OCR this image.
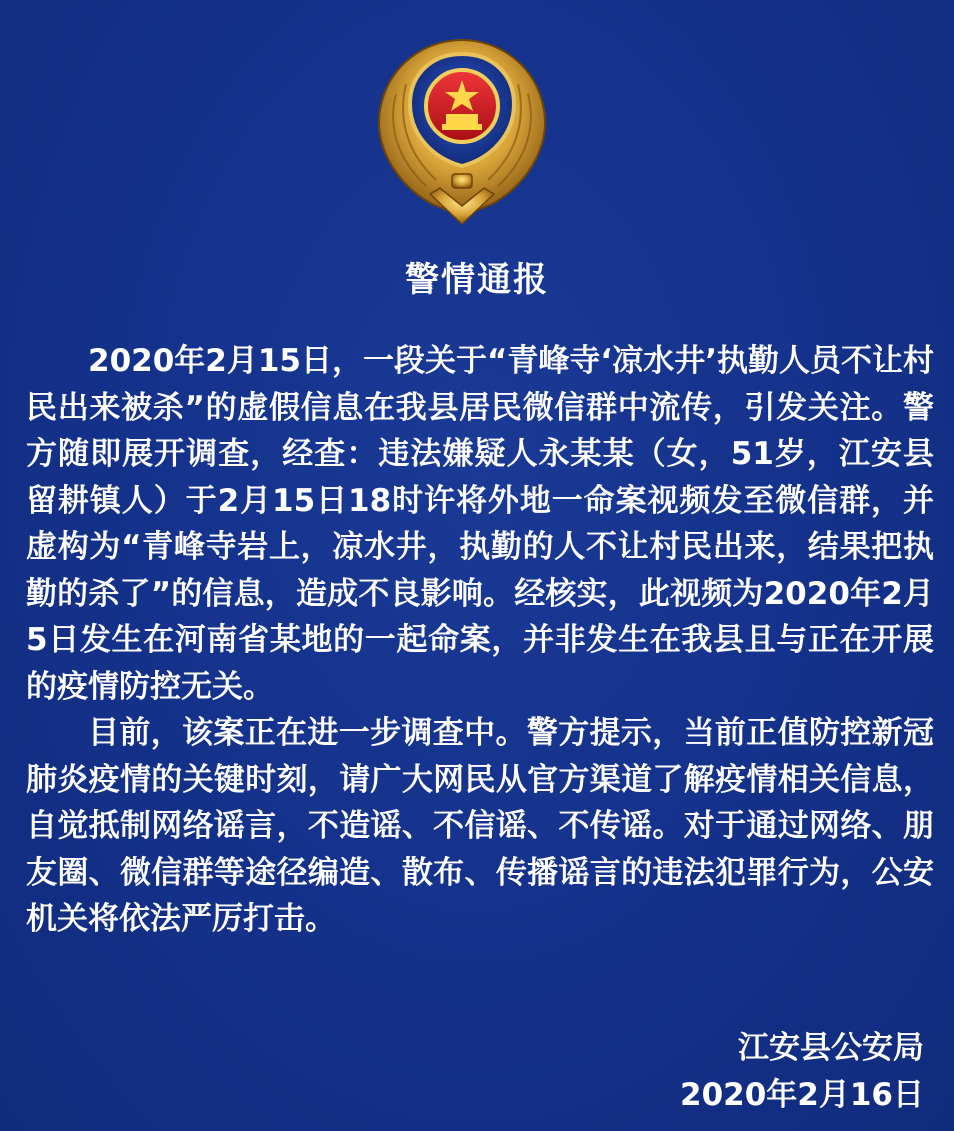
警情通报

2020年2月15日，一段关于“青峰寺‘凉水井’执勤人员不让村民出来被杀”的虚假信息在我县居民微信群中流传，引发关注。警方随即展开调查，经查：违法嫌疑人永某某（女，51岁，江安县留耕镇人）于2月15日18时许将外地一命案视频发至微信群，并虚构为“青峰寺岩上，凉水井，执勤的人不让村民出来，结果把执勤的杀了”的信息，造成不良影响。经核实，此视频为2020年2月5日发生在河南省某地的一起命案，并非发生在我县且与正在开展的疫情防控无关。

目前，该案正在进一步调查中。警方提示，当前正值防控新冠肺炎疫情的关键时刻，请广大网民从官方渠道了解疫情相关信息，自觉抵制网络谣言，不造谣、不信谣、不传谣。对于通过网络、朋友圈、微信群等途径编造、散布、传播谣言的违法犯罪行为，公安机关将依法严厉打击。

江安县公安局
2020年2月16日
